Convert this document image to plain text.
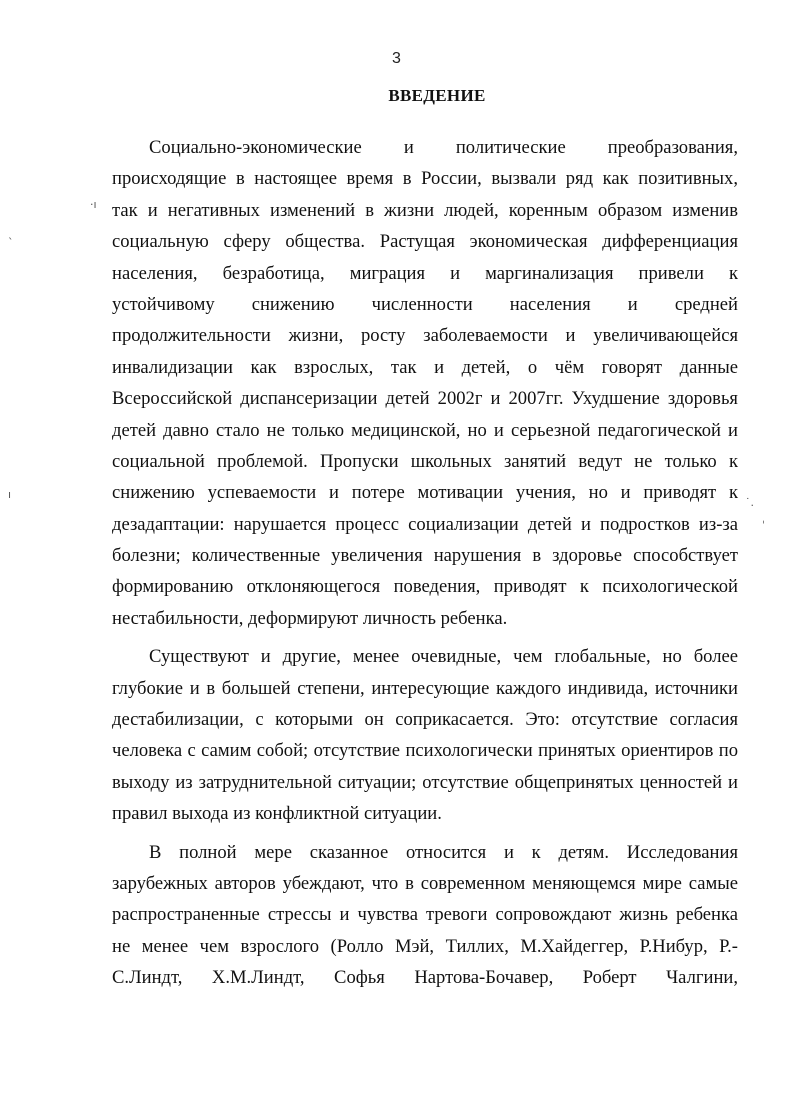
3
ВВЕДЕНИЕ
Социально-экономические и политические преобразования,
происходящие в настоящее время в России, вызвали ряд как позитивных,
так и негативных изменений в жизни людей, коренным образом изменив
социальную сферу общества. Растущая экономическая дифференциация
населения, безработица, миграция и маргинализация привели к
устойчивому снижению численности населения и средней
продолжительности жизни, росту заболеваемости и увеличивающейся
инвалидизации как взрослых, так и детей, о чём говорят данные
Всероссийской диспансеризации детей 2002г и 2007гг. Ухудшение здоровья
детей давно стало не только медицинской, но и серьезной педагогической и
социальной проблемой. Пропуски школьных занятий ведут не только к
снижению успеваемости и потере мотивации учения, но и приводят к
дезадаптации: нарушается процесс социализации детей и подростков из-за
болезни; количественные увеличения нарушения в здоровье способствует
формированию отклоняющегося поведения, приводят к психологической
нестабильности, деформируют личность ребенка.
Существуют и другие, менее очевидные, чем глобальные, но более
глубокие и в большей степени, интересующие каждого индивида, источники
дестабилизации, с которыми он соприкасается. Это: отсутствие согласия
человека с самим собой; отсутствие психологически принятых ориентиров по
выходу из затруднительной ситуации; отсутствие общепринятых ценностей и
правил выхода из конфликтной ситуации.
В полной мере сказанное относится и к детям. Исследования
зарубежных авторов убеждают, что в современном меняющемся мире самые
распространенные стрессы и чувства тревоги сопровождают жизнь ребенка
не менее чем взрослого (Ролло Мэй, Тиллих, М.Хайдеггер, Р.Нибур, Р.-
С.Линдт, Х.М.Линдт, Софья Нартова-Бочавер, Роберт Чалгини,
·ı
ˋ
ı
ˌ
˙.
